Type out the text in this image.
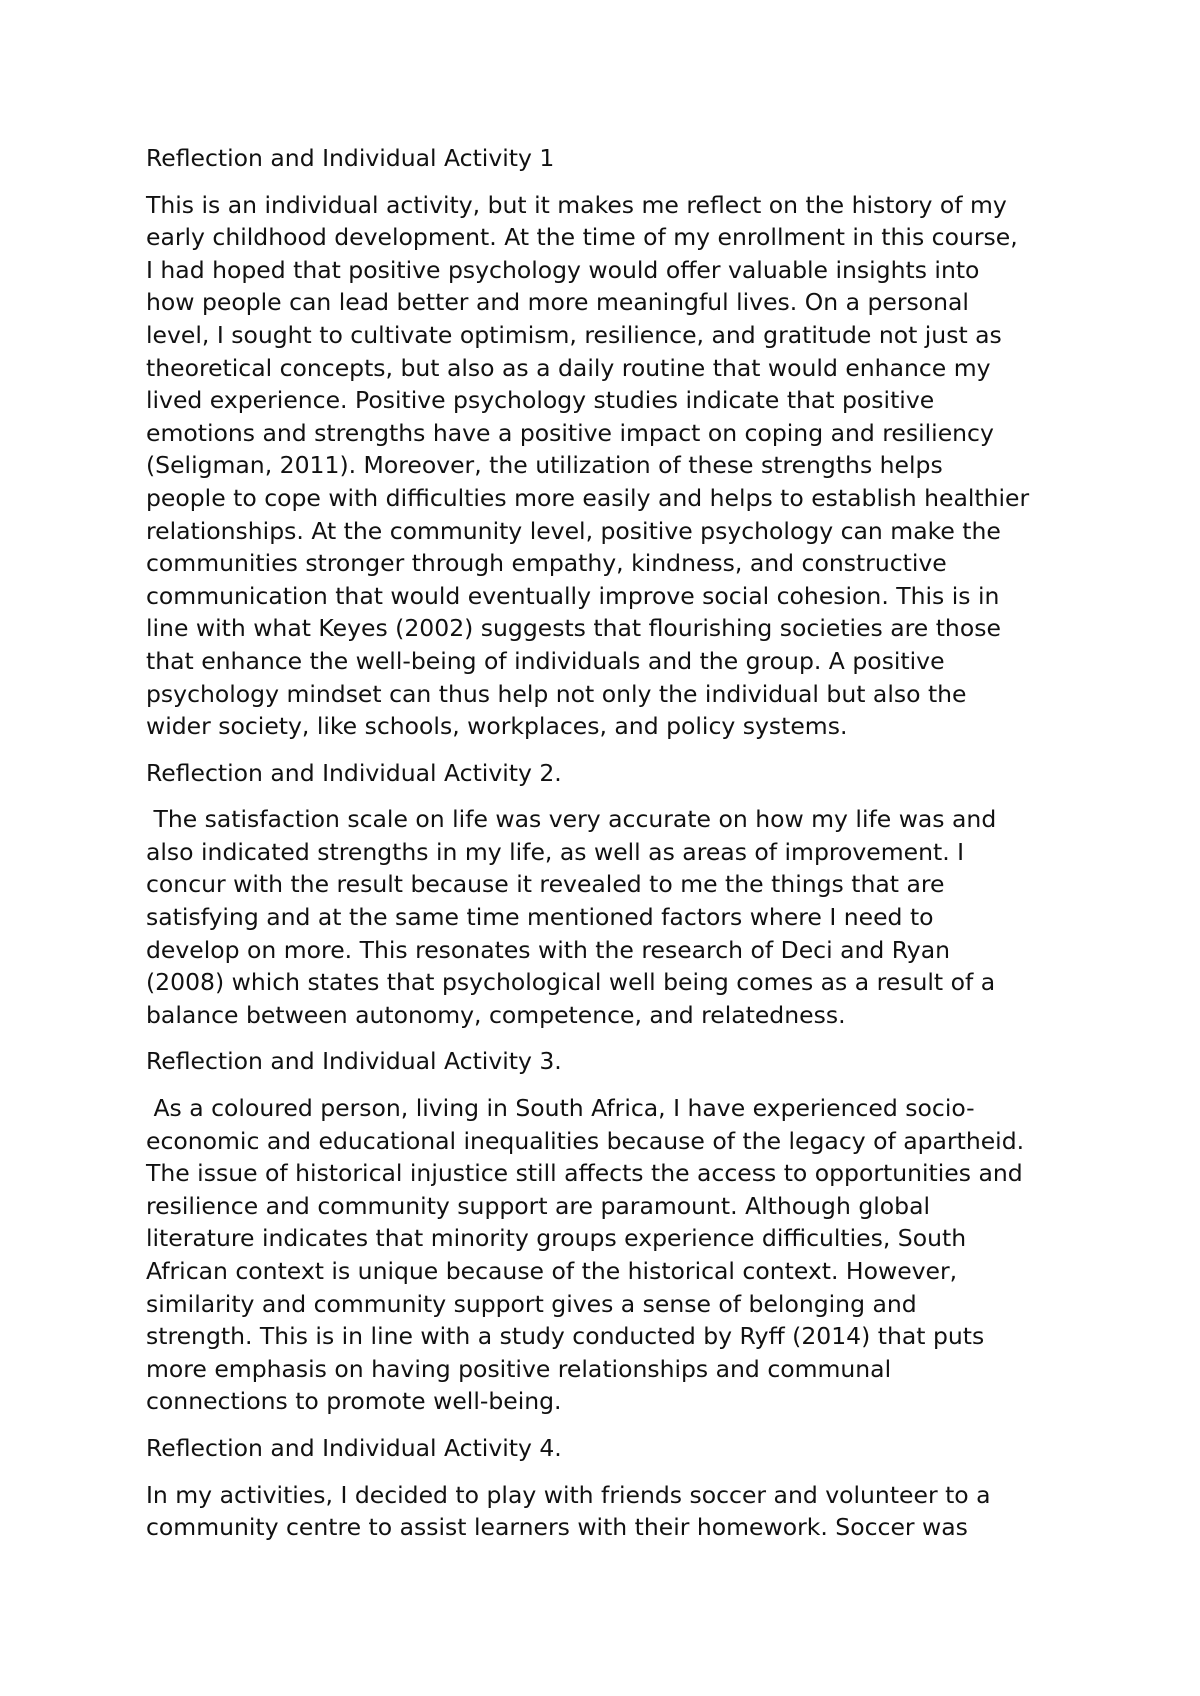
Reflection and Individual Activity 1
This is an individual activity, but it makes me reflect on the history of my
early childhood development. At the time of my enrollment in this course,
I had hoped that positive psychology would offer valuable insights into
how people can lead better and more meaningful lives. On a personal
level, I sought to cultivate optimism, resilience, and gratitude not just as
theoretical concepts, but also as a daily routine that would enhance my
lived experience. Positive psychology studies indicate that positive
emotions and strengths have a positive impact on coping and resiliency
(Seligman, 2011). Moreover, the utilization of these strengths helps
people to cope with difficulties more easily and helps to establish healthier
relationships. At the community level, positive psychology can make the
communities stronger through empathy, kindness, and constructive
communication that would eventually improve social cohesion. This is in
line with what Keyes (2002) suggests that flourishing societies are those
that enhance the well-being of individuals and the group. A positive
psychology mindset can thus help not only the individual but also the
wider society, like schools, workplaces, and policy systems.
Reflection and Individual Activity 2.
The satisfaction scale on life was very accurate on how my life was and
also indicated strengths in my life, as well as areas of improvement. I
concur with the result because it revealed to me the things that are
satisfying and at the same time mentioned factors where I need to
develop on more. This resonates with the research of Deci and Ryan
(2008) which states that psychological well being comes as a result of a
balance between autonomy, competence, and relatedness.
Reflection and Individual Activity 3.
As a coloured person, living in South Africa, I have experienced socio-
economic and educational inequalities because of the legacy of apartheid.
The issue of historical injustice still affects the access to opportunities and
resilience and community support are paramount. Although global
literature indicates that minority groups experience difficulties, South
African context is unique because of the historical context. However,
similarity and community support gives a sense of belonging and
strength. This is in line with a study conducted by Ryff (2014) that puts
more emphasis on having positive relationships and communal
connections to promote well-being.
Reflection and Individual Activity 4.
In my activities, I decided to play with friends soccer and volunteer to a
community centre to assist learners with their homework. Soccer was
